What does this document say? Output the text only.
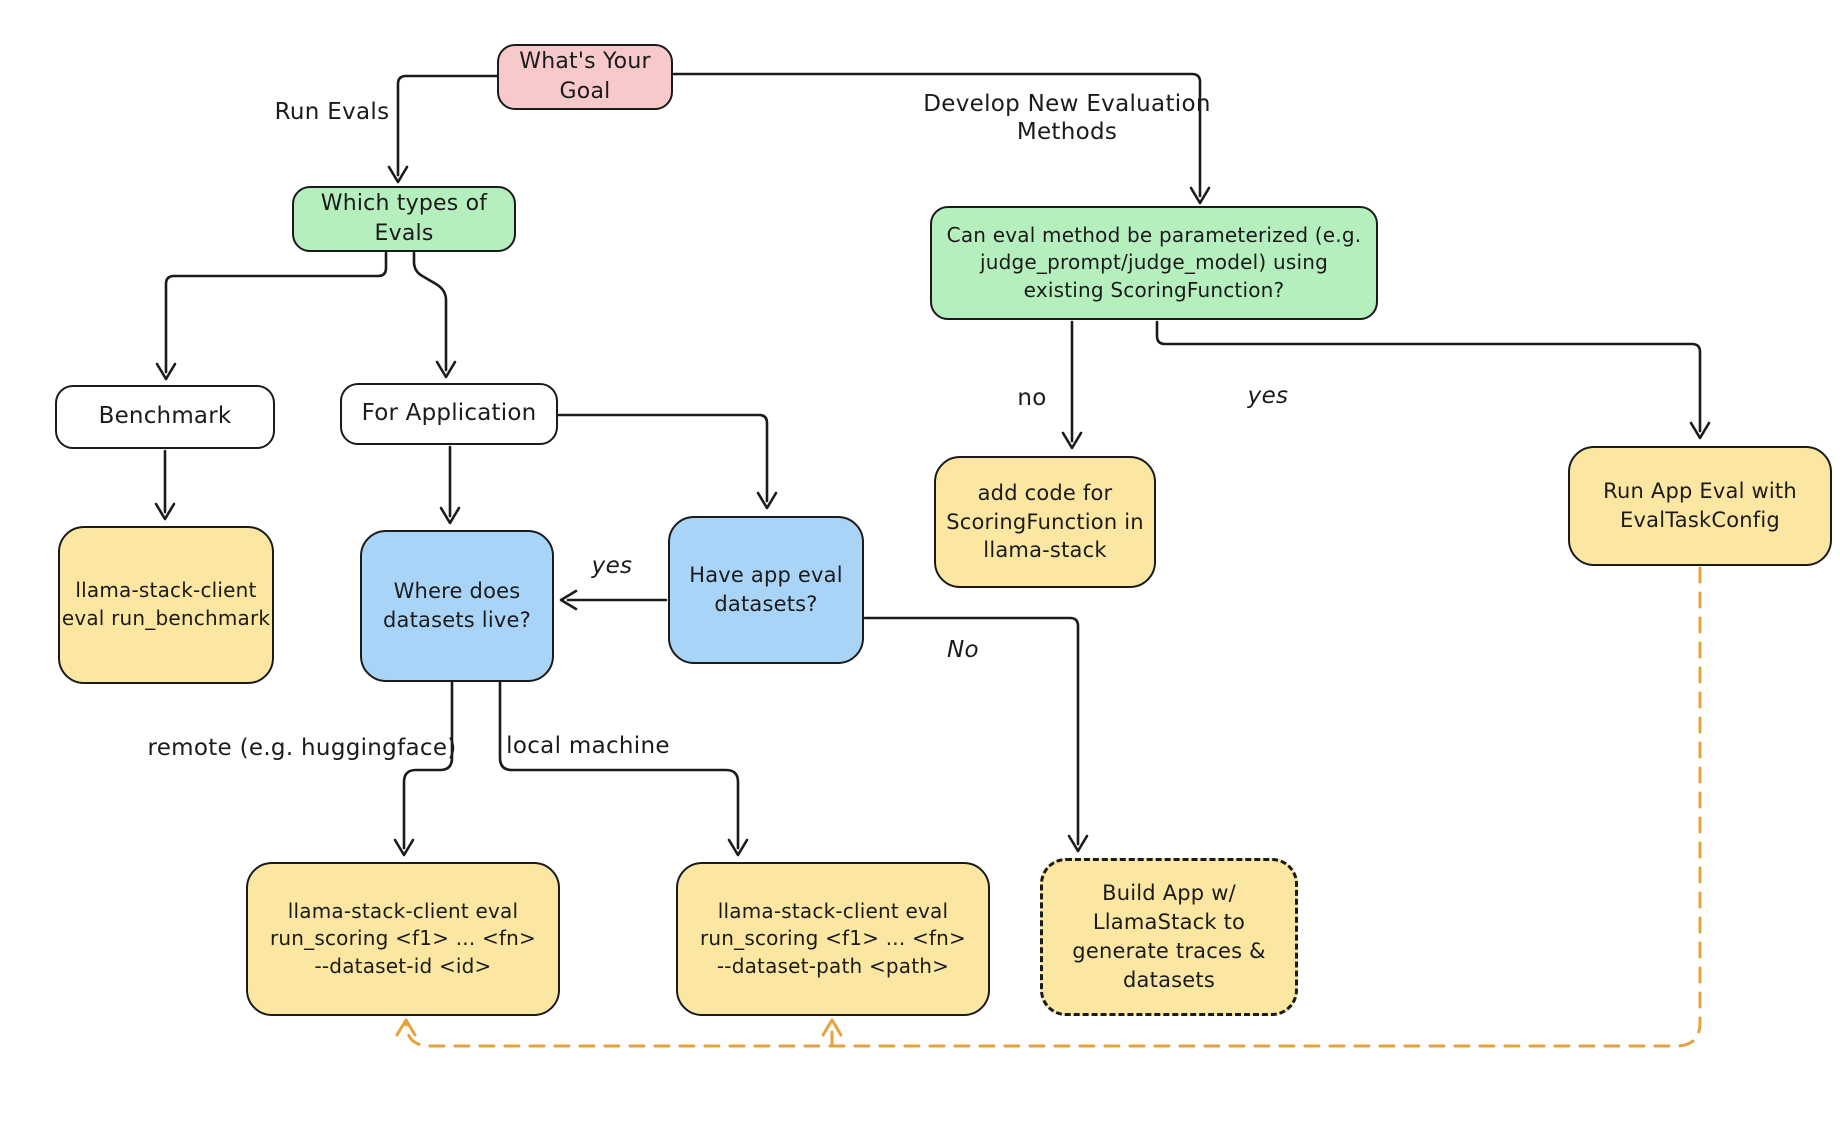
What's Your
Goal
Which types of
Evals	Can eval method be parameterized (e.g.
judge_prompt/judge_model) using
existing ScoringFunction?
Benchmark	For Application
llama-stack-client
eval run_benchmark
Where does
datasets live?
Have app eval
datasets?
add code for
ScoringFunction in
llama-stack
Run App Eval with
EvalTaskConfig
llama-stack-client eval
run_scoring <f1> ... <fn>
--dataset-id <id>
llama-stack-client eval
run_scoring <f1> ... <fn>
--dataset-path <path>
Build App w/
LlamaStack to
generate traces &
datasets
Run Evals	Develop New Evaluation
Methods
no	yes
yes
No
remote (e.g. huggingface) local machine
